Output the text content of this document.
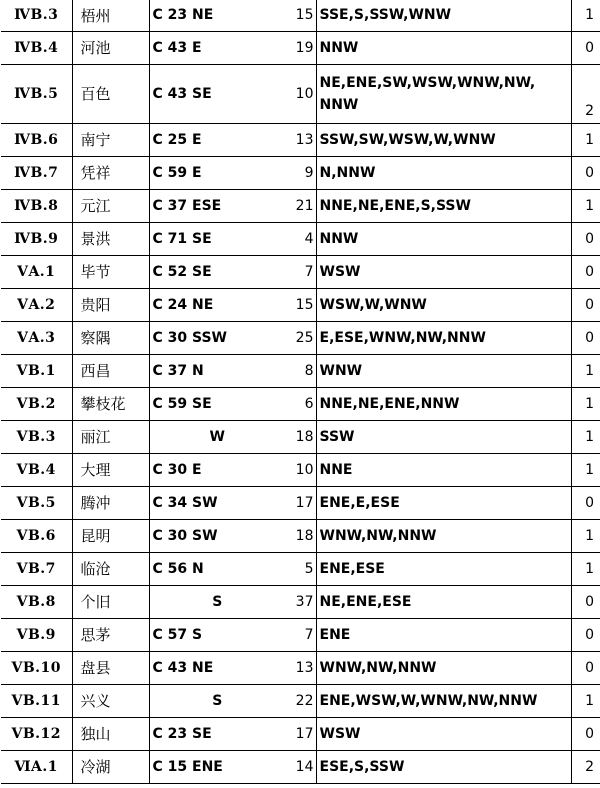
ⅣB.3	梧州	C 23 NE	15	SSE,S,SSW,WNW	1
ⅣB.4	河池	C 43 E	19	NNW	0
ⅣB.5	百色	C 43 SE	10	NE,ENE,SW,WSW,WNW,NW, NNW	2
ⅣB.6	南宁	C 25 E	13	SSW,SW,WSW,W,WNW	1
ⅣB.7	凭祥	C 59 E	9	N,NNW	0
ⅣB.8	元江	C 37 ESE	21	NNE,NE,ENE,S,SSW	1
ⅣB.9	景洪	C 71 SE	4	NNW	0
ⅤA.1	毕节	C 52 SE	7	WSW	0
ⅤA.2	贵阳	C 24 NE	15	WSW,W,WNW	0
ⅤA.3	察隅	C 30 SSW	25	E,ESE,WNW,NW,NNW	0
ⅤB.1	西昌	C 37 N	8	WNW	1
ⅤB.2	攀枝花	C 59 SE	6	NNE,NE,ENE,NNW	1
ⅤB.3	丽江	W	18	SSW	1
ⅤB.4	大理	C 30 E	10	NNE	1
ⅤB.5	腾冲	C 34 SW	17	ENE,E,ESE	0
ⅤB.6	昆明	C 30 SW	18	WNW,NW,NNW	1
ⅤB.7	临沧	C 56 N	5	ENE,ESE	1
ⅤB.8	个旧	S	37	NE,ENE,ESE	0
ⅤB.9	思茅	C 57 S	7	ENE	0
ⅤB.10	盘县	C 43 NE	13	WNW,NW,NNW	0
ⅤB.11	兴义	S	22	ENE,WSW,W,WNW,NW,NNW	1
ⅤB.12	独山	C 23 SE	17	WSW	0
ⅥA.1	冷湖	C 15 ENE	14	ESE,S,SSW	2
